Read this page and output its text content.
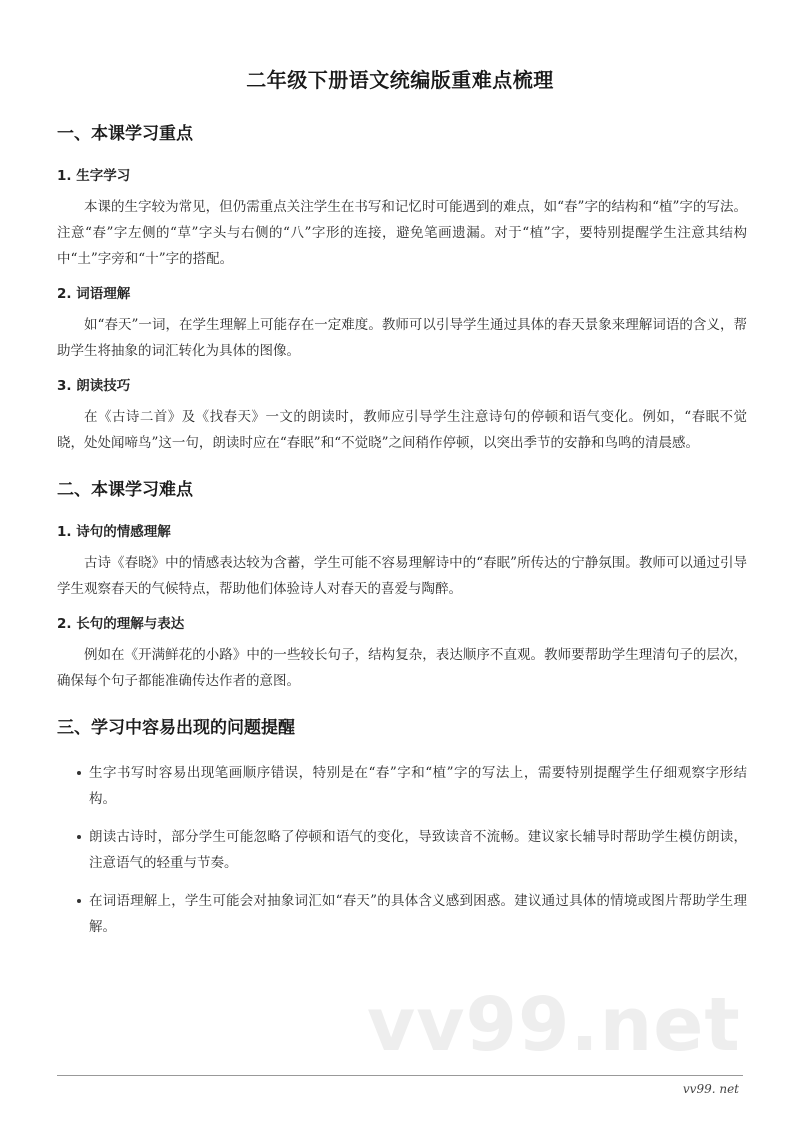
二年级下册语文统编版重难点梳理
一、本课学习重点
1. 生字学习

本课的生字较为常见，但仍需重点关注学生在书写和记忆时可能遇到的难点，如“春”字的结构和“植”字的写法。注意“春”字左侧的“草”字头与右侧的“八”字形的连接，避免笔画遗漏。对于“植”字，要特别提醒学生注意其结构中“土”字旁和“十”字的搭配。

2. 词语理解

如“春天”一词，在学生理解上可能存在一定难度。教师可以引导学生通过具体的春天景象来理解词语的含义，帮助学生将抽象的词汇转化为具体的图像。

3. 朗读技巧

在《古诗二首》及《找春天》一文的朗读时，教师应引导学生注意诗句的停顿和语气变化。例如，“春眠不觉晓，处处闻啼鸟”这一句，朗读时应在“春眠”和“不觉晓”之间稍作停顿，以突出季节的安静和鸟鸣的清晨感。

二、本课学习难点
1. 诗句的情感理解

古诗《春晓》中的情感表达较为含蓄，学生可能不容易理解诗中的“春眠”所传达的宁静氛围。教师可以通过引导学生观察春天的气候特点，帮助他们体验诗人对春天的喜爱与陶醉。

2. 长句的理解与表达

例如在《开满鲜花的小路》中的一些较长句子，结构复杂，表达顺序不直观。教师要帮助学生理清句子的层次，确保每个句子都能准确传达作者的意图。

三、学习中容易出现的问题提醒
生字书写时容易出现笔画顺序错误，特别是在“春”字和“植”字的写法上，需要特别提醒学生仔细观察字形结构。
朗读古诗时，部分学生可能忽略了停顿和语气的变化，导致读音不流畅。建议家长辅导时帮助学生模仿朗读，注意语气的轻重与节奏。
在词语理解上，学生可能会对抽象词汇如“春天”的具体含义感到困惑。建议通过具体的情境或图片帮助学生理解。
vv99.net
vv99. net
